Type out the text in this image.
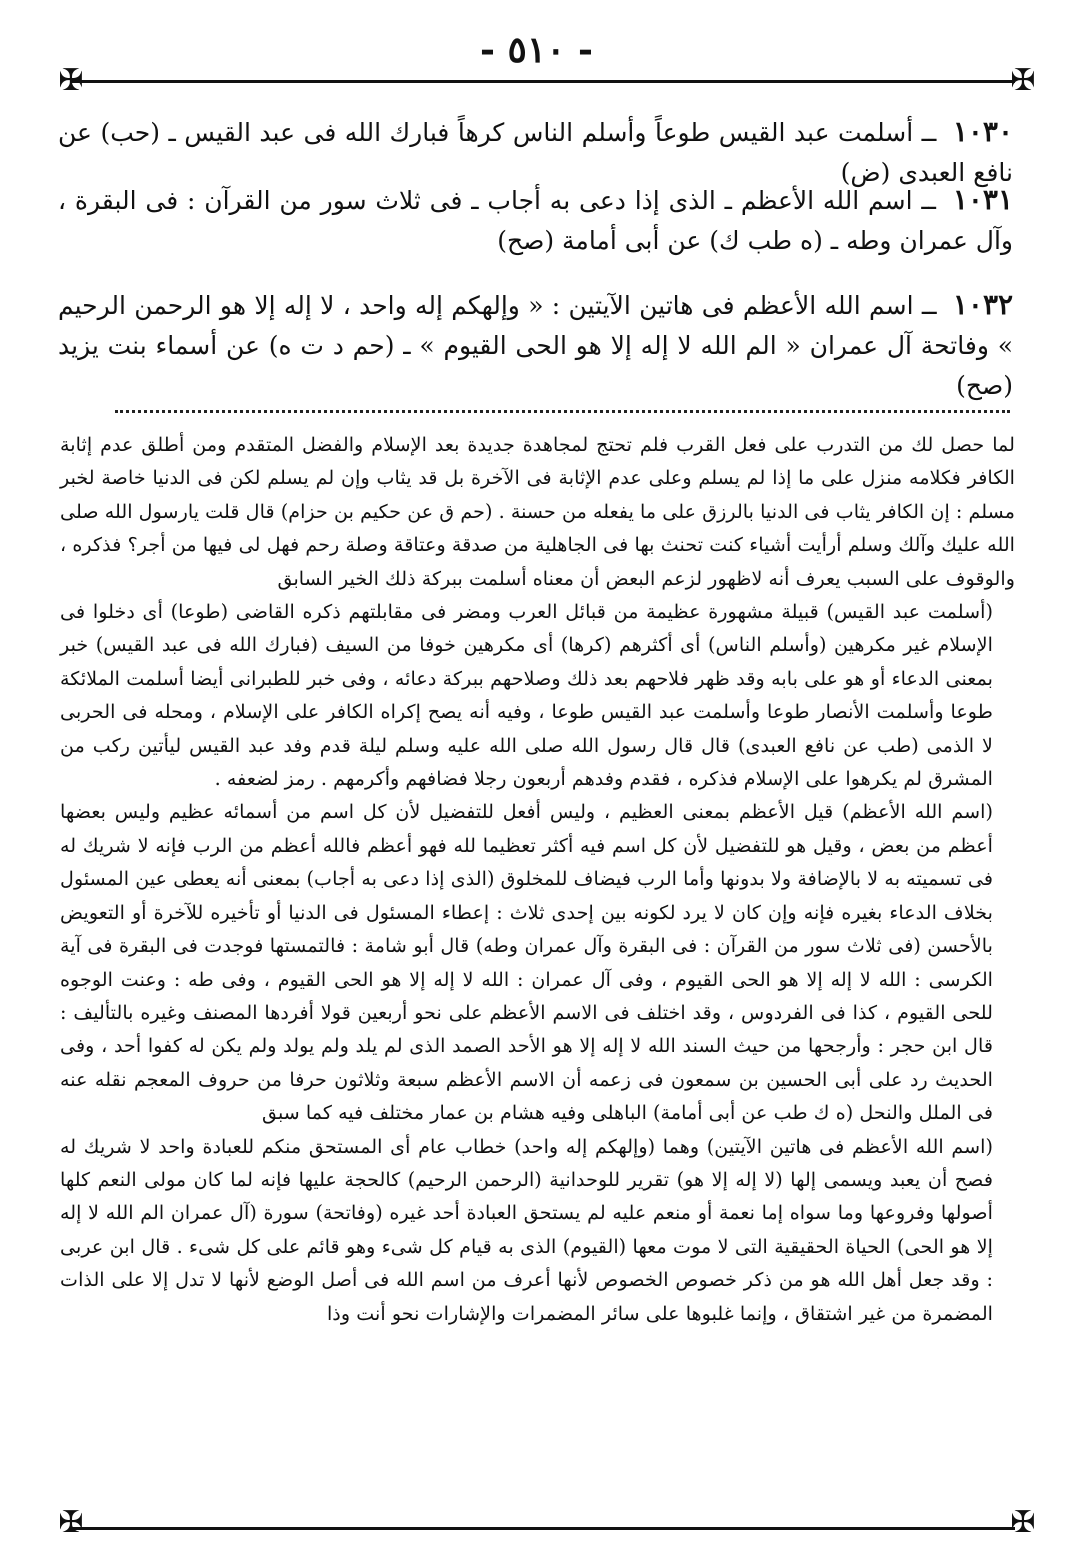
- ٥١٠ -
✠	✠
١٠٣٠ ــ أسلمت عبد القيس طوعاً وأسلم الناس كرهاً فبارك الله فى عبد القيس ـ (حب) عن نافع العبدى (ض)
١٠٣١ ــ اسم الله الأعظم ـ الذى إذا دعى به أجاب ـ فى ثلاث سور من القرآن : فى البقرة ، وآل عمران وطه ـ (ه طب ك) عن أبى أمامة (صح)
١٠٣٢ ــ اسم الله الأعظم فى هاتين الآيتين : « وإلهكم إله واحد ، لا إله إلا هو الرحمن الرحيم » وفاتحة آل عمران « الم الله لا إله إلا هو الحى القيوم » ـ (حم د ت ه) عن أسماء بنت يزيد (صح)

لما حصل لك من التدرب على فعل القرب فلم تحتج لمجاهدة جديدة بعد الإسلام والفضل المتقدم ومن أطلق عدم إثابة الكافر فكلامه منزل على ما إذا لم يسلم وعلى عدم الإثابة فى الآخرة بل قد يثاب وإن لم يسلم لكن فى الدنيا خاصة لخبر مسلم : إن الكافر يثاب فى الدنيا بالرزق على ما يفعله من حسنة . (حم ق عن حكيم بن حزام) قال قلت يارسول الله صلى الله عليك وآلك وسلم أرأيت أشياء كنت تحنث بها فى الجاهلية من صدقة وعتاقة وصلة رحم فهل لى فيها من أجر؟ فذكره ، والوقوف على السبب يعرف أنه لاظهور لزعم البعض أن معناه أسلمت ببركة ذلك الخير السابق

(أسلمت عبد القيس) قبيلة مشهورة عظيمة من قبائل العرب ومضر فى مقابلتهم ذكره القاضى (طوعا) أى دخلوا فى الإسلام غير مكرهين (وأسلم الناس) أى أكثرهم (كرها) أى مكرهين خوفا من السيف (فبارك الله فى عبد القيس) خبر بمعنى الدعاء أو هو على بابه وقد ظهر فلاحهم بعد ذلك وصلاحهم ببركة دعائه ، وفى خبر للطبرانى أيضا أسلمت الملائكة طوعا وأسلمت الأنصار طوعا وأسلمت عبد القيس طوعا ، وفيه أنه يصح إكراه الكافر على الإسلام ، ومحله فى الحربى لا الذمى (طب عن نافع العبدى) قال قال رسول الله صلى الله عليه وسلم ليلة قدم وفد عبد القيس ليأتين ركب من المشرق لم يكرهوا على الإسلام فذكره ، فقدم وفدهم أربعون رجلا فضافهم وأكرمهم . رمز لضعفه .

(اسم الله الأعظم) قيل الأعظم بمعنى العظيم ، وليس أفعل للتفضيل لأن كل اسم من أسمائه عظيم وليس بعضها أعظم من بعض ، وقيل هو للتفضيل لأن كل اسم فيه أكثر تعظيما لله فهو أعظم فالله أعظم من الرب فإنه لا شريك له فى تسميته به لا بالإضافة ولا بدونها وأما الرب فيضاف للمخلوق (الذى إذا دعى به أجاب) بمعنى أنه يعطى عين المسئول بخلاف الدعاء بغيره فإنه وإن كان لا يرد لكونه بين إحدى ثلاث : إعطاء المسئول فى الدنيا أو تأخيره للآخرة أو التعويض بالأحسن (فى ثلاث سور من القرآن : فى البقرة وآل عمران وطه) قال أبو شامة : فالتمستها فوجدت فى البقرة فى آية الكرسى : الله لا إله إلا هو الحى القيوم ، وفى آل عمران : الله لا إله إلا هو الحى القيوم ، وفى طه : وعنت الوجوه للحى القيوم ، كذا فى الفردوس ، وقد اختلف فى الاسم الأعظم على نحو أربعين قولا أفردها المصنف وغيره بالتأليف : قال ابن حجر : وأرجحها من حيث السند الله لا إله إلا هو الأحد الصمد الذى لم يلد ولم يولد ولم يكن له كفوا أحد ، وفى الحديث رد على أبى الحسين بن سمعون فى زعمه أن الاسم الأعظم سبعة وثلاثون حرفا من حروف المعجم نقله عنه فى الملل والنحل (ه ك طب عن أبى أمامة) الباهلى وفيه هشام بن عمار مختلف فيه كما سبق

(اسم الله الأعظم فى هاتين الآيتين) وهما (وإلهكم إله واحد) خطاب عام أى المستحق منكم للعبادة واحد لا شريك له فصح أن يعبد ويسمى إلها (لا إله إلا هو) تقرير للوحدانية (الرحمن الرحيم) كالحجة عليها فإنه لما كان مولى النعم كلها أصولها وفروعها وما سواه إما نعمة أو منعم عليه لم يستحق العبادة أحد غيره (وفاتحة) سورة (آل عمران الم الله لا إله إلا هو الحى) الحياة الحقيقية التى لا موت معها (القيوم) الذى به قيام كل شىء وهو قائم على كل شىء . قال ابن عربى : وقد جعل أهل الله هو من ذكر خصوص الخصوص لأنها أعرف من اسم الله فى أصل الوضع لأنها لا تدل إلا على الذات المضمرة من غير اشتقاق ، وإنما غلبوها على سائر المضمرات والإشارات نحو أنت وذا

✠	✠
